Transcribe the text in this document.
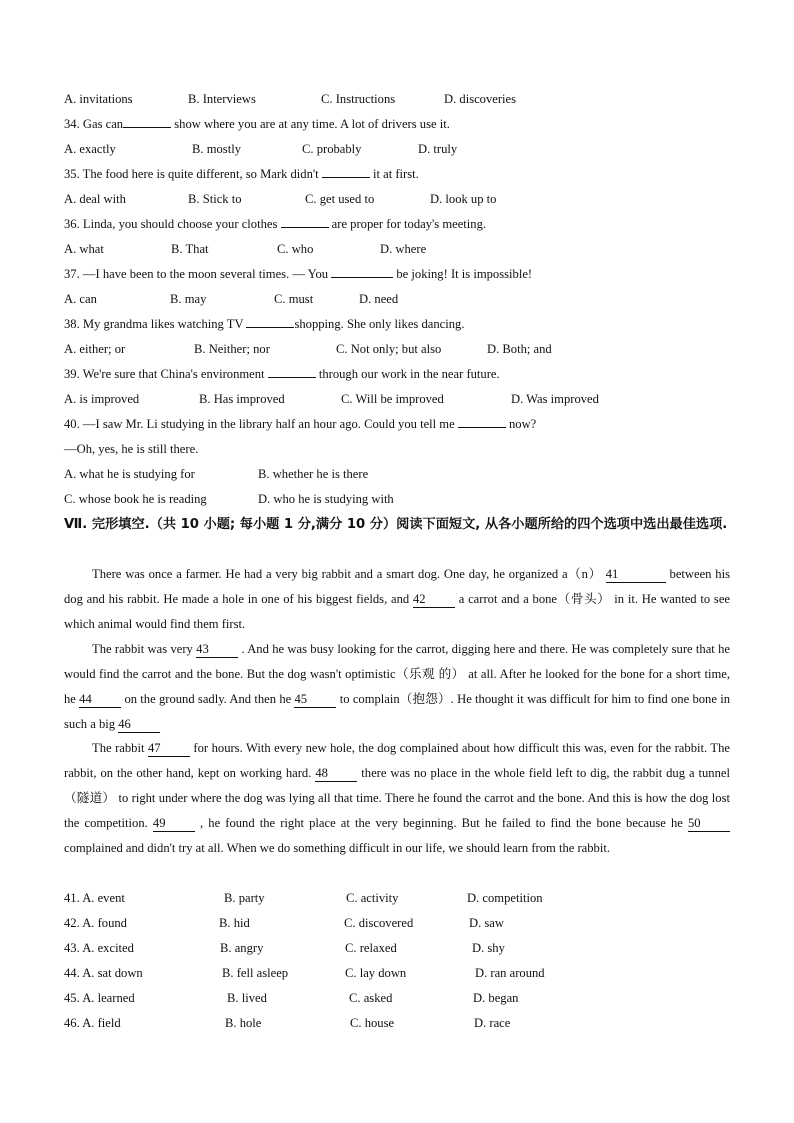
A. invitations	B. Interviews	C. Instructions	D. discoveries
34. Gas can	show where you are at any time. A lot of drivers use it.
A. exactly	B. mostly	C. probably	D. truly
35. The food here is quite different, so Mark didn't	it at first.
A. deal with	B. Stick to	C. get used to	D. look up to
36. Linda, you should choose your clothes	are proper for today's meeting.
A. what	B. That	C. who	D. where
37. —I have been to the moon several times. — You	be joking! It is impossible!
A. can	B. may	C. must	D. need
38. My grandma likes watching TV	shopping. She only likes dancing.
A. either; or	B. Neither; nor	C. Not only; but also	D. Both; and
39. We're sure that China's environment	through our work in the near future.
A. is improved	B. Has improved	C. Will be improved	D. Was improved
40. —I saw Mr. Li studying in the library half an hour ago. Could you tell me	now?
—Oh, yes, he is still there.
A. what he is studying for	B. whether he is there
C. whose book he is reading	D. who he is studying with
Ⅶ. 完形填空.（共 10 小题; 每小题 1 分,满分 10 分）阅读下面短文, 从各小题所给的四个选项中选出最佳选项.
There was once a farmer. He had a very big rabbit and a smart dog. One day, he organized a（n） 41	between his dog and his rabbit. He made a hole in one of his biggest fields, and 42 a carrot and a bone（骨头） in it. He wanted to see which animal would find them first.
The rabbit was very 43 . And he was busy looking for the carrot, digging here and there. He was completely sure that he would find the carrot and the bone. But the dog wasn't optimistic（乐观 的） at all. After he looked for the bone for a short time, he 44 on the ground sadly. And then he 45 to complain（抱怨）. He thought it was difficult for him to find one bone in such a big 46
The rabbit 47 for hours. With every new hole, the dog complained about how difficult this was, even for the rabbit. The rabbit, on the other hand, kept on working hard. 48 there was no place in the whole field left to dig, the rabbit dug a tunnel （隧道） to right under where the dog was lying all that time. There he found the carrot and the bone. And this is how the dog lost the competition. 49 , he found the right place at the very beginning. But he failed to find the bone because he 50 complained and didn't try at all. When we do something difficult in our life, we should learn from the rabbit.
41. A. event	B. party	C. activity	D. competition
42. A. found	B. hid	C. discovered	D. saw
43. A. excited	B. angry	C. relaxed	D. shy
44. A. sat down	B. fell asleep	C. lay down	D. ran around
45. A. learned	B. lived	C. asked	D. began
46. A. field	B. hole	C. house	D. race
